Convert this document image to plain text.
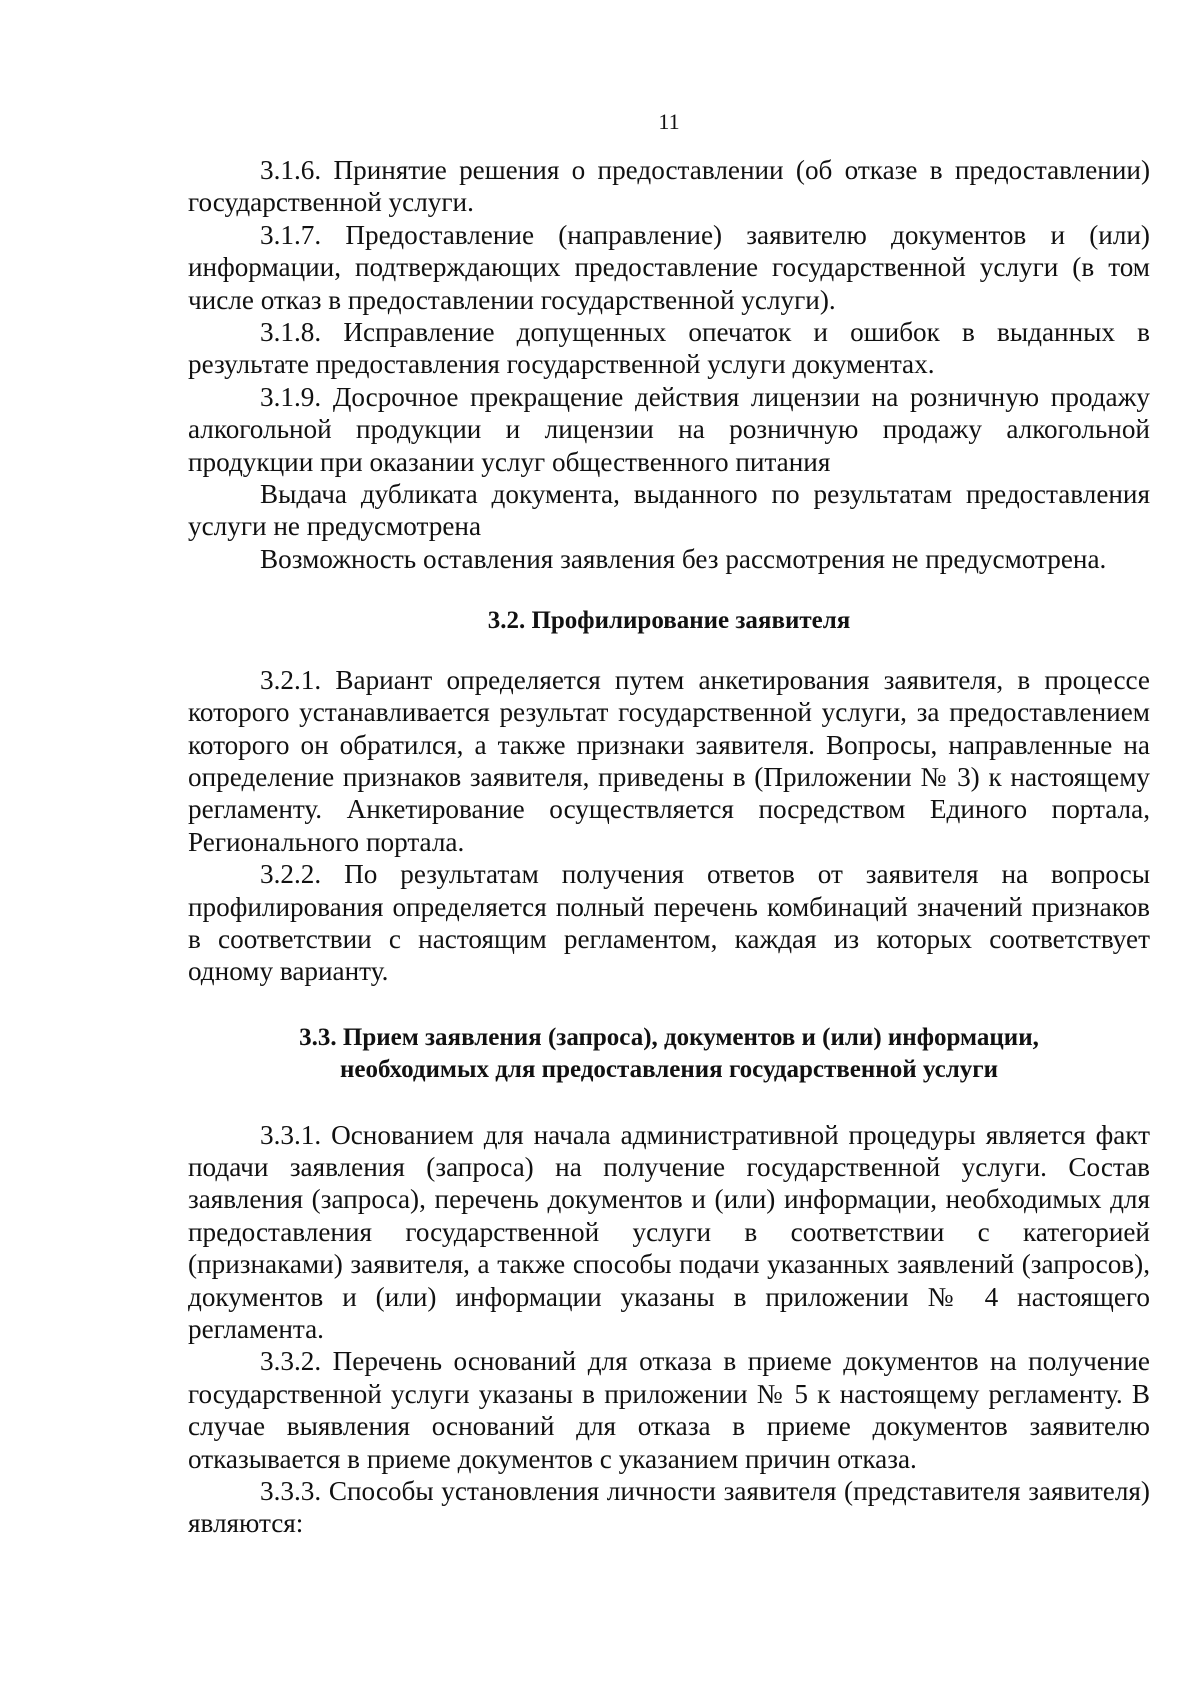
11

3.1.6. Принятие решения о предоставлении (об отказе в предоставлении) государственной услуги.

3.1.7. Предоставление (направление) заявителю документов и (или) информации, подтверждающих предоставление государственной услуги (в том числе отказ в предоставлении государственной услуги).

3.1.8. Исправление допущенных опечаток и ошибок в выданных в результате предоставления государственной услуги документах.

3.1.9. Досрочное прекращение действия лицензии на розничную продажу алкогольной продукции и лицензии на розничную продажу алкогольной продукции при оказании услуг общественного питания

Выдача дубликата документа, выданного по результатам предоставления услуги не предусмотрена

Возможность оставления заявления без рассмотрения не предусмотрена.

3.2. Профилирование заявителя

3.2.1. Вариант определяется путем анкетирования заявителя, в процессе которого устанавливается результат государственной услуги, за предоставлением которого он обратился, а также признаки заявителя. Вопросы, направленные на определение признаков заявителя, приведены в (Приложении № 3) к настоящему регламенту. Анкетирование осуществляется посредством Единого портала, Регионального портала.

3.2.2. По результатам получения ответов от заявителя на вопросы профилирования определяется полный перечень комбинаций значений признаков в соответствии с настоящим регламентом, каждая из которых соответствует одному варианту.

3.3. Прием заявления (запроса), документов и (или) информации,
необходимых для предоставления государственной услуги

3.3.1. Основанием для начала административной процедуры является факт подачи заявления (запроса) на получение государственной услуги. Состав заявления (запроса), перечень документов и (или) информации, необходимых для предоставления государственной услуги в соответствии с категорией (признаками) заявителя, а также способы подачи указанных заявлений (запросов), документов и (или) информации указаны в приложении № 4 настоящего регламента.

3.3.2. Перечень оснований для отказа в приеме документов на получение государственной услуги указаны в приложении № 5 к настоящему регламенту. В случае выявления оснований для отказа в приеме документов заявителю отказывается в приеме документов с указанием причин отказа.

3.3.3. Способы установления личности заявителя (представителя заявителя) являются:
